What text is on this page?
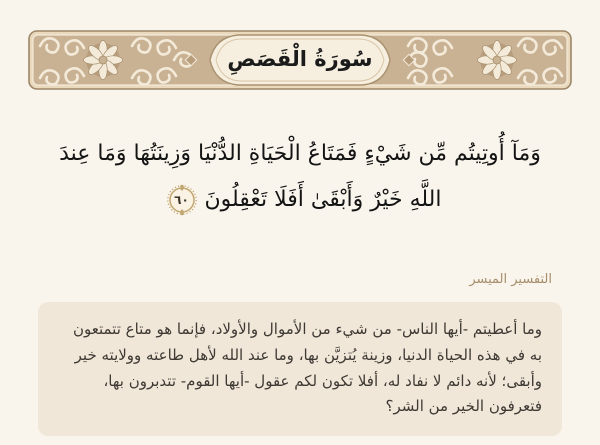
سُورَةُ الْقَصَصِ
وَمَآ أُوتِيتُم مِّن شَيْءٍ فَمَتَاعُ الْحَيَاةِ الدُّنْيَا وَزِينَتُهَا وَمَا عِندَ
اللَّهِ خَيْرٌ وَأَبْقَىٰ أَفَلَا تَعْقِلُونَ
٦٠
التفسير الميسر

وما أعطيتم -أيها الناس- من شيء من الأموال والأولاد، فإنما هو متاع تتمتعون به في هذه الحياة الدنيا، وزينة يُتزيَّن بها، وما عند الله لأهل طاعته وولايته خير وأبقى؛ لأنه دائم لا نفاد له، أفلا تكون لكم عقول -أيها القوم- تتدبرون بها، فتعرفون الخير من الشر؟
